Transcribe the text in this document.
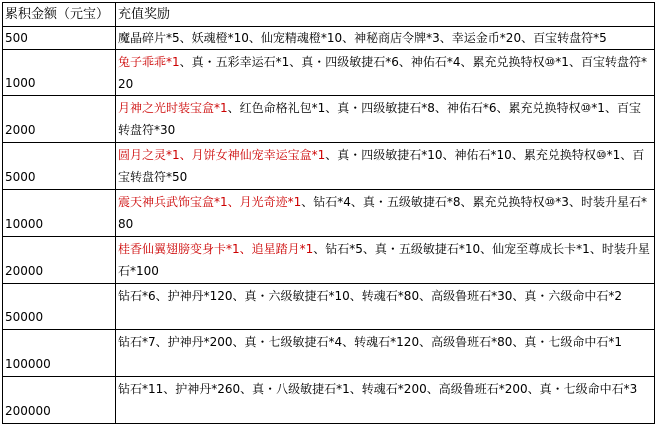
累积金额（元宝）	充值奖励
500	魔晶碎片*5、妖魂橙*10、仙宠精魂橙*10、神秘商店令牌*3、幸运金币*20、百宝转盘符*5
1000	兔子乖乖*1、真・五彩幸运石*1、真・四级敏捷石*6、神佑石*4、累充兑换特权⑩*1、百宝转盘符*20
2000	月神之光时装宝盒*1、红色命格礼包*1、真・四级敏捷石*8、神佑石*6、累充兑换特权⑩*1、百宝转盘符*30
5000	圆月之灵*1、月饼女神仙宠幸运宝盒*1、真・四级敏捷石*10、神佑石*10、累充兑换特权⑩*1、百宝转盘符*50
10000	震天神兵武饰宝盒*1、月光奇迹*1、钻石*4、真・五级敏捷石*8、累充兑换特权⑩*3、时装升星石*80
20000	桂香仙翼翅膀变身卡*1、追星踏月*1、钻石*5、真・五级敏捷石*10、仙宠至尊成长卡*1、时装升星石*100
50000	钻石*6、护神丹*120、真・六级敏捷石*10、转魂石*80、高级鲁班石*30、真・六级命中石*2
100000	钻石*7、护神丹*200、真・七级敏捷石*4、转魂石*120、高级鲁班石*80、真・七级命中石*1
200000	钻石*11、护神丹*260、真・八级敏捷石*1、转魂石*200、高级鲁班石*200、真・七级命中石*3
